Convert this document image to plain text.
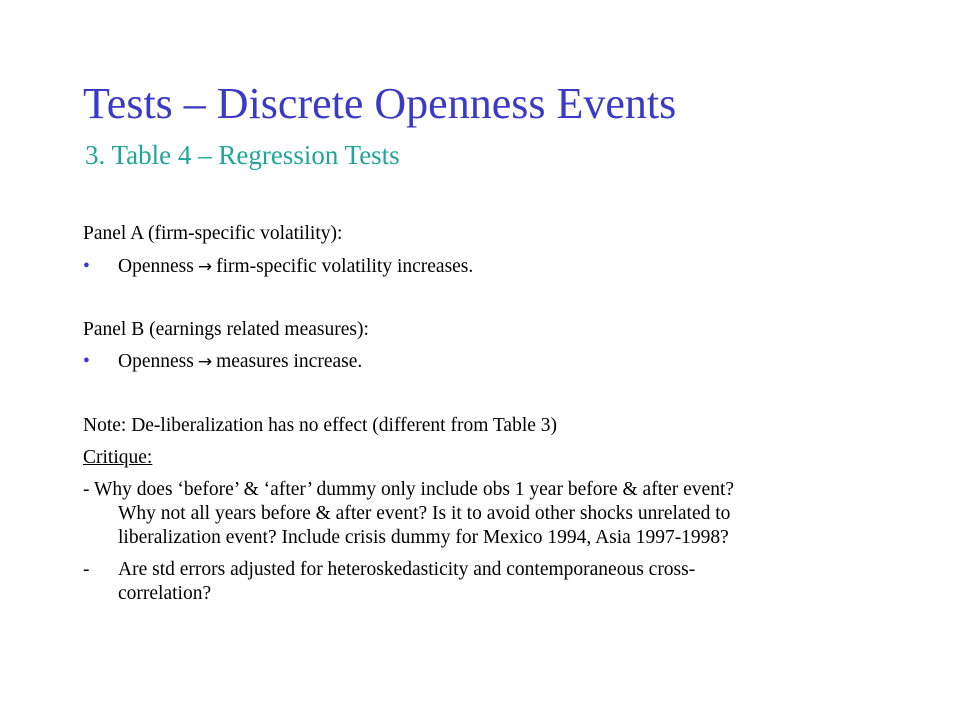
Tests – Discrete Openness Events
3. Table 4 – Regression Tests
Panel A (firm-specific volatility):
• Openness → firm-specific volatility increases.
Panel B (earnings related measures):
• Openness → measures increase.
Note: De-liberalization has no effect (different from Table 3)
Critique:
- Why does ‘before’ & ‘after’ dummy only include obs 1 year before & after event?
Why not all years before & after event? Is it to avoid other shocks unrelated to
liberalization event? Include crisis dummy for Mexico 1994, Asia 1997-1998?
- Are std errors adjusted for heteroskedasticity and contemporaneous cross-
correlation?
